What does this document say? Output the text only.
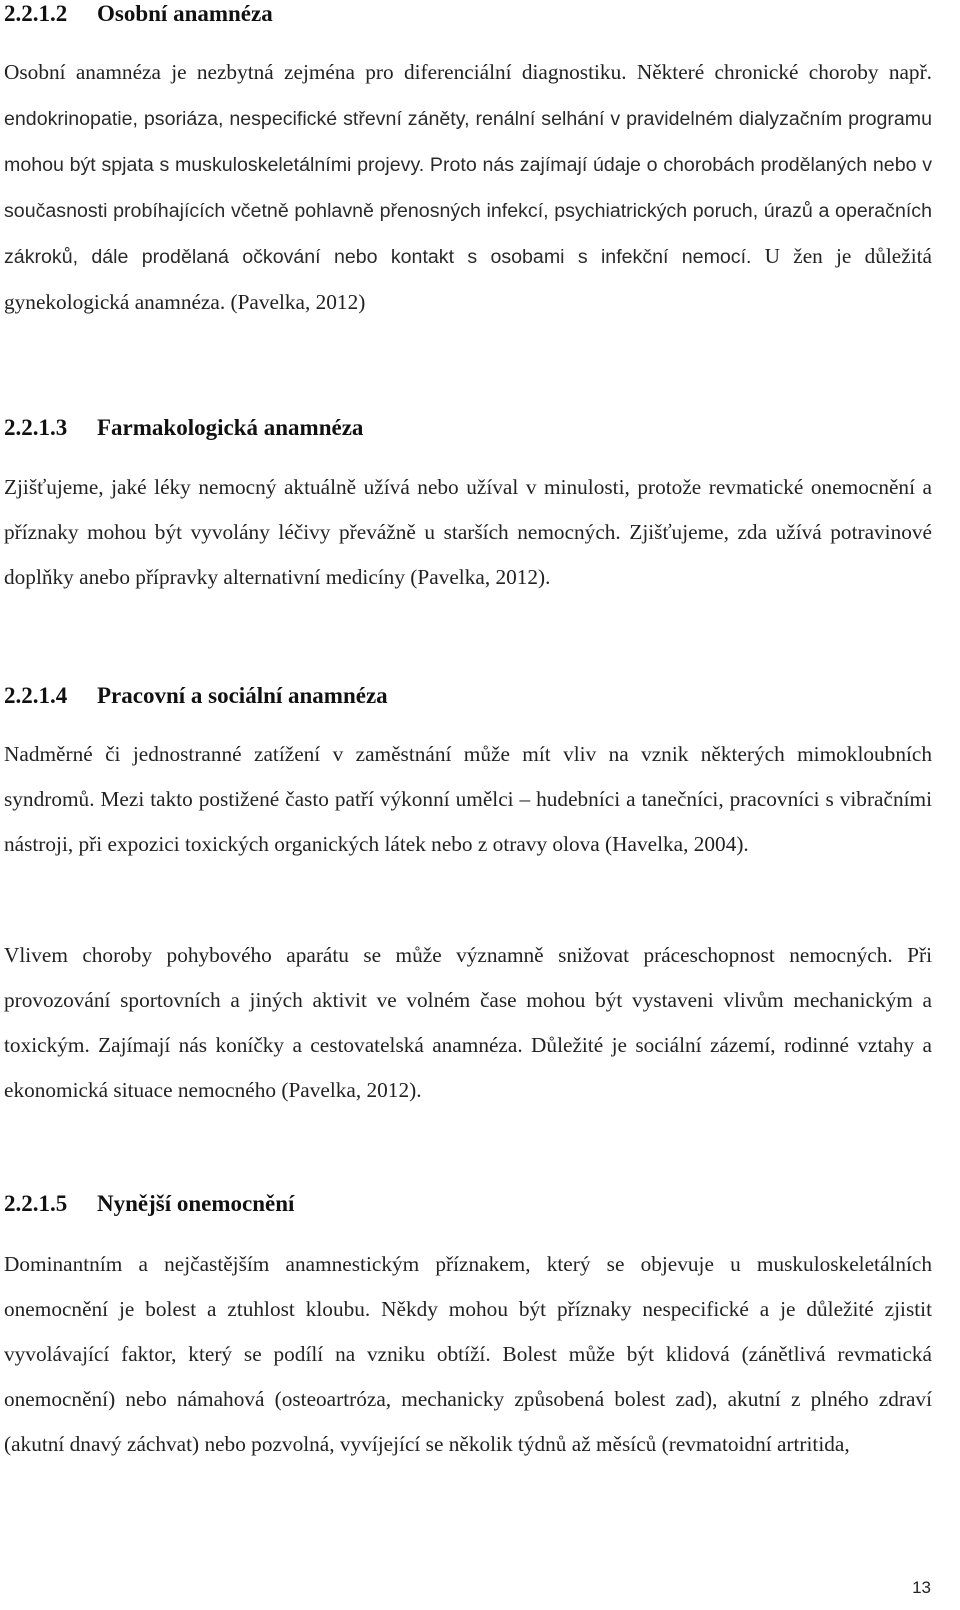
2.2.1.2 Osobní anamnéza

Osobní anamnéza je nezbytná zejména pro diferenciální diagnostiku. Některé chronické choroby např. endokrinopatie, psoriáza, nespecifické střevní záněty, renální selhání v pravidelném dialyzačním programu mohou být spjata s muskuloskeletálními projevy. Proto nás zajímají údaje o chorobách prodělaných nebo v současnosti probíhajících včetně pohlavně přenosných infekcí, psychiatrických poruch, úrazů a operačních zákroků, dále prodělaná očkování nebo kontakt s osobami s infekční nemocí. U žen je důležitá gynekologická anamnéza. (Pavelka, 2012)

2.2.1.3 Farmakologická anamnéza

Zjišťujeme, jaké léky nemocný aktuálně užívá nebo užíval v minulosti, protože revmatické onemocnění a příznaky mohou být vyvolány léčivy převážně u starších nemocných. Zjišťujeme, zda užívá potravinové doplňky anebo přípravky alternativní medicíny (Pavelka, 2012).

2.2.1.4 Pracovní a sociální anamnéza

Nadměrné či jednostranné zatížení v zaměstnání může mít vliv na vznik některých mimokloubních syndromů. Mezi takto postižené často patří výkonní umělci – hudebníci a tanečníci, pracovníci s vibračními nástroji, při expozici toxických organických látek nebo z otravy olova (Havelka, 2004).

Vlivem choroby pohybového aparátu se může významně snižovat práceschopnost nemocných. Při provozování sportovních a jiných aktivit ve volném čase mohou být vystaveni vlivům mechanickým a toxickým. Zajímají nás koníčky a cestovatelská anamnéza. Důležité je sociální zázemí, rodinné vztahy a ekonomická situace nemocného (Pavelka, 2012).

2.2.1.5 Nynější onemocnění

Dominantním a nejčastějším anamnestickým příznakem, který se objevuje u muskuloskeletálních onemocnění je bolest a ztuhlost kloubu. Někdy mohou být příznaky nespecifické a je důležité zjistit vyvolávající faktor, který se podílí na vzniku obtíží. Bolest může být klidová (zánětlivá revmatická onemocnění) nebo námahová (osteoartróza, mechanicky způsobená bolest zad), akutní z plného zdraví (akutní dnavý záchvat) nebo pozvolná, vyvíjející se několik týdnů až měsíců (revmatoidní artritida,

13
